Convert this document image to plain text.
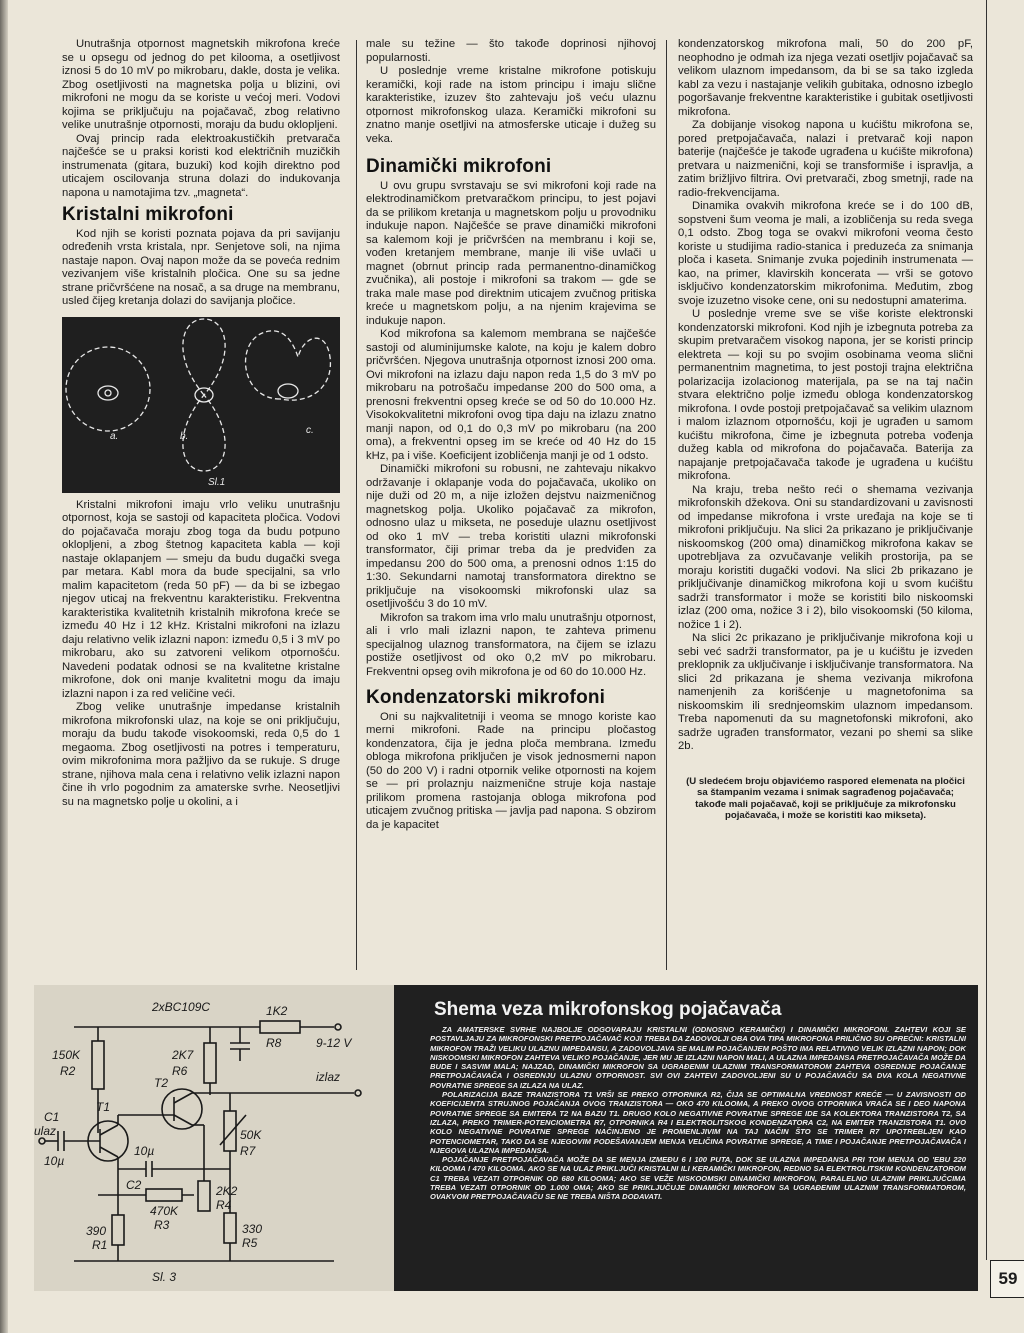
Unutrašnja otpornost magnetskih mikrofona kreće se u opsegu od jednog do pet kilooma, a osetljivost iznosi 5 do 10 mV po mikrobaru, dakle, dosta je velika. Zbog osetljivosti na magnetska polja u blizini, ovi mikrofoni ne mogu da se koriste u većoj meri. Vodovi kojima se priključuju na pojačavač, zbog relativno velike unutrašnje otpornosti, moraju da budu okloplјeni.

Ovaj princip rada elektroakustičkih pretvarača najčešće se u praksi koristi kod električnih muzičkih instrumenata (gitara, buzuki) kod kojih direktno pod uticajem oscilovanja struna dolazi do indukovanja napona u namotajima tzv. „magneta“.

Kristalni mikrofoni

Kod njih se koristi poznata pojava da pri savijanju određenih vrsta kristala, npr. Senjetove soli, na njima nastaje napon. Ovaj napon može da se poveća rednim vezivanjem više kristalnih pločica. One su sa jedne strane pričvršćene na nosač, a sa druge na membranu, usled čijeg kretanja dolazi do savijanja pločice.

a.	b.
c.
Sl.1

Kristalni mikrofoni imaju vrlo veliku unutrašnju otpornost, koja se sastoji od kapaciteta pločica. Vodovi do pojačavača moraju zbog toga da budu potpuno okloplјeni, a zbog štetnog kapaciteta kabla — koji nastaje oklapanjem — smeju da budu dugački svega par metara. Kabl mora da bude specijalni, sa vrlo malim kapacitetom (reda 50 pF) — da bi se izbegao njegov uticaj na frekventnu karakteristiku. Frekventna karakteristika kvalitetnih kristalnih mikrofona kreće se između 40 Hz i 12 kHz. Kristalni mikrofoni na izlazu daju relativno velik izlazni napon: između 0,5 i 3 mV po mikrobaru, ako su zatvoreni velikom otpornošću. Navedeni podatak odnosi se na kvalitetne kristalne mikrofone, dok oni manje kvalitetni mogu da imaju izlazni napon i za red veličine veći.

Zbog velike unutrašnje impedanse kristalnih mikrofona mikrofonski ulaz, na koje se oni priključuju, moraju da budu takođe visokoomski, reda 0,5 do 1 megaoma. Zbog osetljivosti na potres i temperaturu, ovim mikrofonima mora pažljivo da se rukuje. S druge strane, njihova mala cena i relativno velik izlazni napon čine ih vrlo pogodnim za amaterske svrhe. Neosetljivi su na magnetsko polje u okolini, a i

male su težine — što takođe doprinosi njihovoj popularnosti.

U poslednje vreme kristalne mikrofone potiskuju keramički, koji rade na istom principu i imaju slične karakteristike, izuzev što zahtevaju još veću ulaznu otpornost mikrofonskog ulaza. Keramički mikrofoni su znatno manje osetljivi na atmosferske uticaje i dužeg su veka.

Dinamički mikrofoni

U ovu grupu svrstavaju se svi mikrofoni koji rade na elektrodinamičkom pretvaračkom principu, to jest pojavi da se prilikom kretanja u magnetskom polju u provodniku indukuje napon. Najčešće se prave dinamički mikrofoni sa kalemom koji je pričvršćen na membranu i koji se, vođen kretanjem membrane, manje ili više uvlači u magnet (obrnut princip rada permanentno-dinamičkog zvučnika), ali postoje i mikrofoni sa trakom — gde se traka male mase pod direktnim uticajem zvučnog pritiska kreće u magnetskom polju, a na njenim krajevima se indukuje napon.

Kod mikrofona sa kalemom membrana se najčešće sastoji od aluminijumske kalote, na koju je kalem dobro pričvršćen. Njegova unutrašnja otpornost iznosi 200 oma. Ovi mikrofoni na izlazu daju napon reda 1,5 do 3 mV po mikrobaru na potrošaču impedanse 200 do 500 oma, a prenosni frekventni opseg kreće se od 50 do 10.000 Hz. Visokokvalitetni mikrofoni ovog tipa daju na izlazu znatno manji napon, od 0,1 do 0,3 mV po mikrobaru (na 200 oma), a frekventni opseg im se kreće od 40 Hz do 15 kHz, pa i više. Koeficijent izobličenja manji je od 1 odsto.

Dinamički mikrofoni su robusni, ne zahtevaju nikakvo održavanje i oklapanje voda do pojačavača, ukoliko on nije duži od 20 m, a nije izložen dejstvu naizmeničnog magnetskog polja. Ukoliko pojačavač za mikrofon, odnosno ulaz u mikseta, ne poseduje ulaznu osetljivost od oko 1 mV — treba koristiti ulazni mikrofonski transformator, čiji primar treba da je predviđen za impedansu 200 do 500 oma, a prenosni odnos 1:15 do 1:30. Sekundarni namotaj transformatora direktno se priključuje na visokoomski mikrofonski ulaz sa osetljivošću 3 do 10 mV.

Mikrofon sa trakom ima vrlo malu unutrašnju otpornost, ali i vrlo mali izlazni napon, te zahteva primenu specijalnog ulaznog transformatora, na čijem se izlazu postiže osetljivost od oko 0,2 mV po mikrobaru. Frekventni opseg ovih mikrofona je od 60 do 10.000 Hz.

Kondenzatorski mikrofoni

Oni su najkvalitetniji i veoma se mnogo koriste kao merni mikrofoni. Rade na principu pločastog kondenzatora, čija je jedna ploča membrana. Između obloga mikrofona priključen je visok jednosmerni napon (50 do 200 V) i radni otpornik velike otpornosti na kojem se — pri prolaznju naizmenične struje koja nastaje prilikom promena rastojanja obloga mikrofona pod uticajem zvučnog pritiska — javlja pad napona. S obzirom da je kapacitet

kondenzatorskog mikrofona mali, 50 do 200 pF, neophodno je odmah iza njega vezati osetljiv pojačavač sa velikom ulaznom impedansom, da bi se sa tako izgleda kabl za vezu i nastajanje velikih gubitaka, odnosno izbeglo pogoršavanje frekventne karakteristike i gubitak osetljivosti mikrofona.

Za dobijanje visokog napona u kućištu mikrofona se, pored pretpojačavača, nalazi i pretvarač koji napon baterije (najčešće je takođe ugrađena u kućište mikrofona) pretvara u naizmenični, koji se transformiše i ispravlja, a zatim brižljivo filtrira. Ovi pretvarači, zbog smetnji, rade na radio-frekvencijama.

Dinamika ovakvih mikrofona kreće se i do 100 dB, sopstveni šum veoma je mali, a izobličenja su reda svega 0,1 odsto. Zbog toga se ovakvi mikrofoni veoma često koriste u studijima radio-stanica i preduzeća za snimanja ploča i kaseta. Snimanje zvuka pojedinih instrumenata — kao, na primer, klavirskih koncerata — vrši se gotovo isključivo kondenzatorskim mikrofonima. Međutim, zbog svoje izuzetno visoke cene, oni su nedostupni amaterima.

U poslednje vreme sve se više koriste elektronski kondenzatorski mikrofoni. Kod njih je izbegnuta potreba za skupim pretvaračem visokog napona, jer se koristi princip elektreta — koji su po svojim osobinama veoma slični permanentnim magnetima, to jest postoji trajna električna polarizacija izolacionog materijala, pa se na taj način stvara električno polje između obloga kondenzatorskog mikrofona. I ovde postoji pretpojačavač sa velikim ulaznom i malom izlaznom otpornošću, koji je ugrađen u samom kućištu mikrofona, čime je izbegnuta potreba vođenja dužeg kabla od mikrofona do pojačavača. Baterija za napajanje pretpojačavača takođe je ugrađena u kućištu mikrofona.

Na kraju, treba nešto reći o shemama vezivanja mikrofonskih džekova. Oni su standardizovani u zavisnosti od impedanse mikrofona i vrste uređaja na koje se ti mikrofoni priključuju. Na slici 2a prikazano je priključivanje niskoomskog (200 oma) dinamičkog mikrofona kakav se upotrebljava za ozvučavanje velikih prostorija, pa se moraju koristiti dugački vodovi. Na slici 2b prikazano je priključivanje dinamičkog mikrofona koji u svom kućištu sadrži transformator i može se koristiti bilo niskoomski izlaz (200 oma, nožice 3 i 2), bilo visokoomski (50 kiloma, nožice 1 i 2).

Na slici 2c prikazano je priključivanje mikrofona koji u sebi već sadrži transformator, pa je u kućištu je izveden preklopnik za uključivanje i isključivanje transformatora. Na slici 2d prikazana je shema vezivanja mikrofona namenjenih za korišćenje u magnetofonima sa niskoomskim ili srednjeomskim ulaznom impedansom. Treba napomenuti da su magnetofonski mikrofoni, ako sadrže ugrađen transformator, vezani po shemi sa slike 2b.

(U sledećem broju objavićemo raspored elemenata na pločici sa štampanim vezama i snimak sagrađenog pojačavača; takođe mali pojačavač, koji se priključuje za mikrofonsku pojačavača, i može se koristiti kao mikseta).
2xBC109C	1K2
R8	9-12 V
150K
R2
2K7
R6
T2
T1
izlaz
C1
ulaz
10µ
10µ
50K
R7
C2	2K2
R4
470K
R3
390
R1
330
R5
Sl. 3
Shema veza mikrofonskog pojačavača

ZA AMATERSKE SVRHE NAJBOLJE ODGOVARAJU KRISTALNI (ODNOSNO KERAMIČKI) I DINAMIČKI MIKROFONI. ZAHTEVI KOJI SE POSTAVLJAJU ZA MIKROFONSKI PRETPOJAČAVAČ KOJI TREBA DA ZADOVOLJI OBA OVA TIPA MIKROFONA PRILIČNO SU OPREČNI: KRISTALNI MIKROFON TRAŽI VELIKU ULAZNU IMPEDANSU, A ZADOVOLJAVA SE MALIM POJAČANJEM POŠTO IMA RELATIVNO VELIK IZLAZNI NAPON; DOK NISKOOMSKI MIKROFON ZAHTEVA VELIKO POJAČANJE, JER MU JE IZLAZNI NAPON MALI, A ULAZNA IMPEDANSA PRETPOJAČAVAČA MOŽE DA BUDE I SASVIM MALA; NAJZAD, DINAMIČKI MIKROFON SA UGRAĐENIM ULAZNIM TRANSFORMATOROM ZAHTEVA OSREDNJE POJAČANJE PRETPOJAČAVAČA I OSREDNJU ULAZNU OTPORNOST. SVI OVI ZAHTEVI ZADOVOLJENI SU U POJAČAVAČU SA DVA KOLA NEGATIVNE POVRATNE SPREGE SA IZLAZA NA ULAZ.

POLARIZACIJA BAZE TRANZISTORA T1 VRŠI SE PREKO OTPORNIKA R2, ČIJA SE OPTIMALNA VREDNOST KREĆE — U ZAVISNOSTI OD KOEFICIJENTA STRUJNOG POJAČANJA OVOG TRANZISTORA — OKO 470 KILOOMA, A PREKO OVOG OTPORNIKA VRAĆA SE I DEO NAPONA POVRATNE SPREGE SA EMITERA T2 NA BAZU T1. DRUGO KOLO NEGATIVNE POVRATNE SPREGE IDE SA KOLEKTORA TRANZISTORA T2, SA IZLAZA, PREKO TRIMER-POTENCIOMETRA R7, OTPORNIKA R4 I ELEKTROLITSKOG KONDENZATORA C2, NA EMITER TRANZISTORA T1. OVO KOLO NEGATIVNE POVRATNE SPREGE NAČINJENO JE PROMENLJIVIM NA TAJ NAČIN ŠTO SE TRIMER R7 UPOTREBLJEN KAO POTENCIOMETAR, TAKO DA SE NJEGOVIM PODEŠAVANJEM MENJA VELIČINA POVRATNE SPREGE, A TIME I POJAČANJE PRETPOJAČAVAČA I NJEGOVA ULAZNA IMPEDANSA.

POJAČANJE PRETPOJAČAVAČA MOŽE DA SE MENJA IZMEĐU 6 I 100 PUTA, DOK SE ULAZNA IMPEDANSA PRI TOM MENJA OD 'EBU 220 KILOOMA I 470 KILOOMA. AKO SE NA ULAZ PRIKLJUČI KRISTALNI ILI KERAMIČKI MIKROFON, REDNO SA ELEKTROLITSKIM KONDENZATOROM C1 TREBA VEZATI OTPORNIK OD 680 KILOOMA; AKO SE VEŽE NISKOOMSKI DINAMIČKI MIKROFON, PARALELNO ULAZNIM PRIKLJUČCIMA TREBA VEZATI OTPORNIK OD 1.000 OMA; AKO SE PRIKLJUČUJE DINAMIČKI MIKROFON SA UGRAĐENIM ULAZNIM TRANSFORMATOROM, OVAKVOM PRETPOJAČAVAČU SE NE TREBA NIŠTA DODAVATI.

59
